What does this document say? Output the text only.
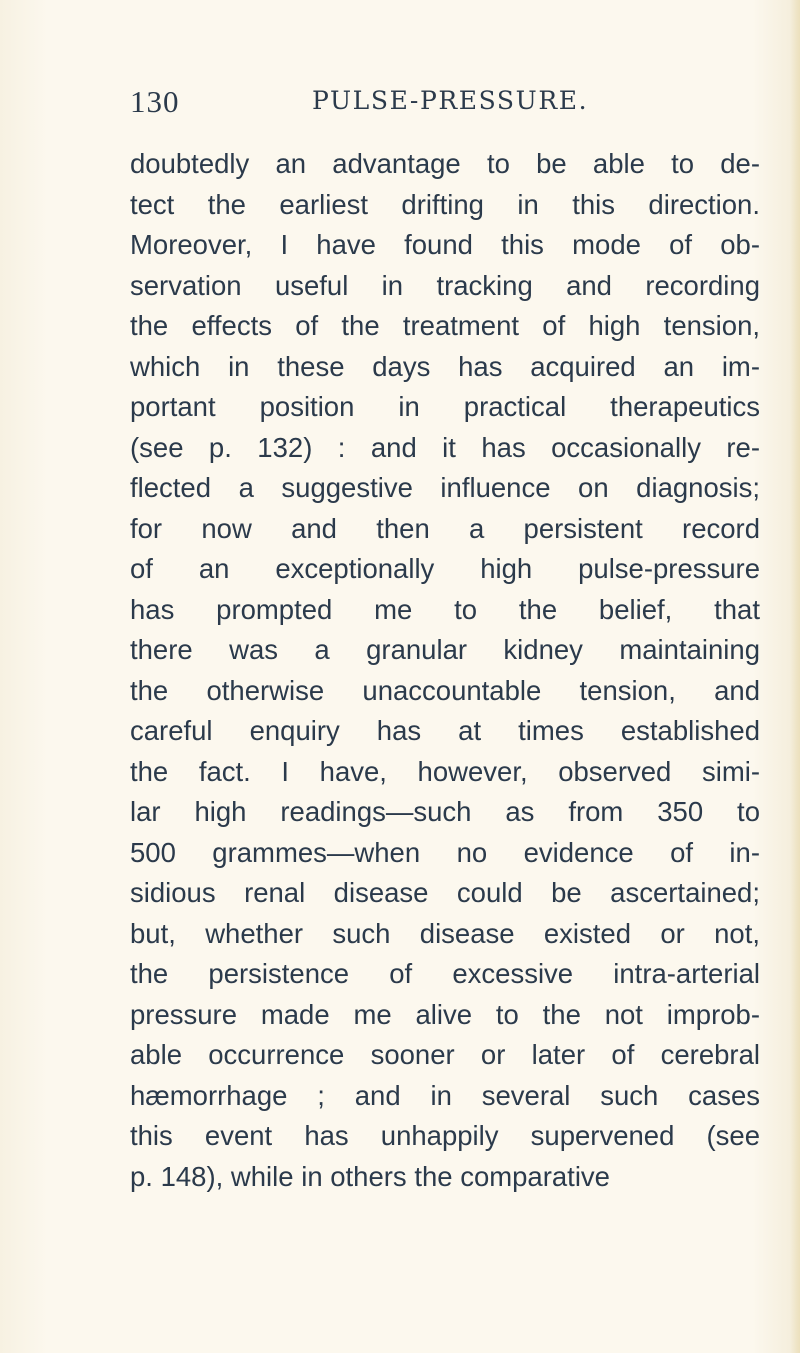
130	PULSE-PRESSURE.
doubtedly an advantage to be able to de-
tect the earliest drifting in this direction.
Moreover, I have found this mode of ob-
servation useful in tracking and recording
the effects of the treatment of high tension,
which in these days has acquired an im-
portant position in practical therapeutics
(see p. 132) : and it has occasionally re-
flected a suggestive influence on diagnosis;
for now and then a persistent record
of an exceptionally high pulse-pressure
has prompted me to the belief, that
there was a granular kidney maintaining
the otherwise unaccountable tension, and
careful enquiry has at times established
the fact. I have, however, observed simi-
lar high readings—such as from 350 to
500 grammes—when no evidence of in-
sidious renal disease could be ascertained;
but, whether such disease existed or not,
the persistence of excessive intra-arterial
pressure made me alive to the not improb-
able occurrence sooner or later of cerebral
hæmorrhage ; and in several such cases
this event has unhappily supervened (see
p. 148), while in others the comparative
